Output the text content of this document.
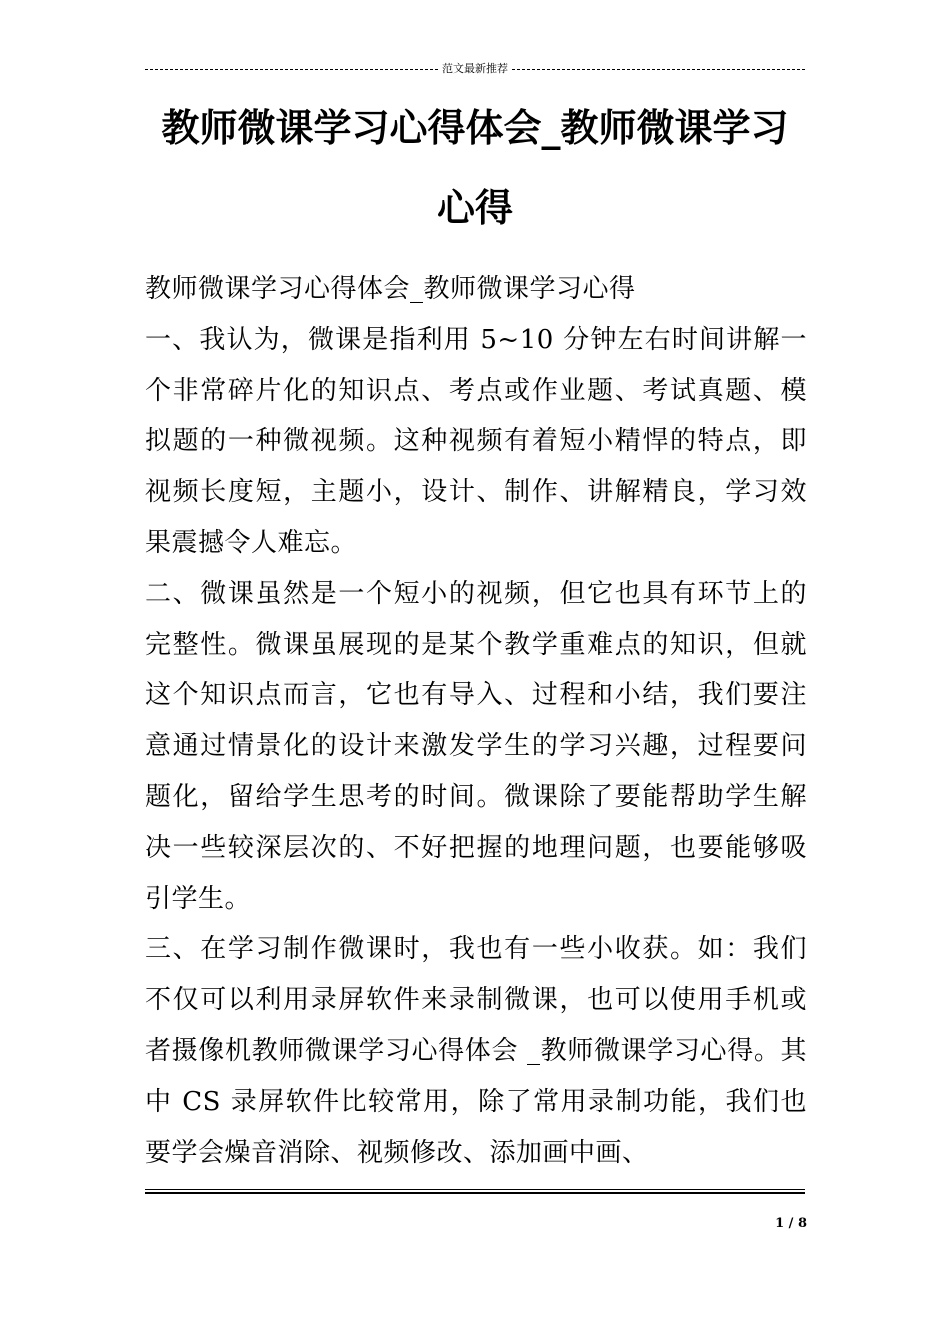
范文最新推荐
教师微课学习心得体会_教师微课学习心得

教师微课学习心得体会_教师微课学习心得

一、我认为，微课是指利用 5~10 分钟左右时间讲解一个非常碎片化的知识点、考点或作业题、考试真题、模拟题的一种微视频。这种视频有着短小精悍的特点，即视频长度短，主题小，设计、制作、讲解精良，学习效果震撼令人难忘。

二、微课虽然是一个短小的视频，但它也具有环节上的完整性。微课虽展现的是某个教学重难点的知识，但就这个知识点而言，它也有导入、过程和小结，我们要注意通过情景化的设计来激发学生的学习兴趣，过程要问题化，留给学生思考的时间。微课除了要能帮助学生解决一些较深层次的、不好把握的地理问题，也要能够吸引学生。

三、在学习制作微课时，我也有一些小收获。如：我们不仅可以利用录屏软件来录制微课，也可以使用手机或者摄像机教师微课学习心得体会 _教师微课学习心得。其中 CS 录屏软件比较常用，除了常用录制功能，我们也要学会燥音消除、视频修改、添加画中画、

1 / 8
